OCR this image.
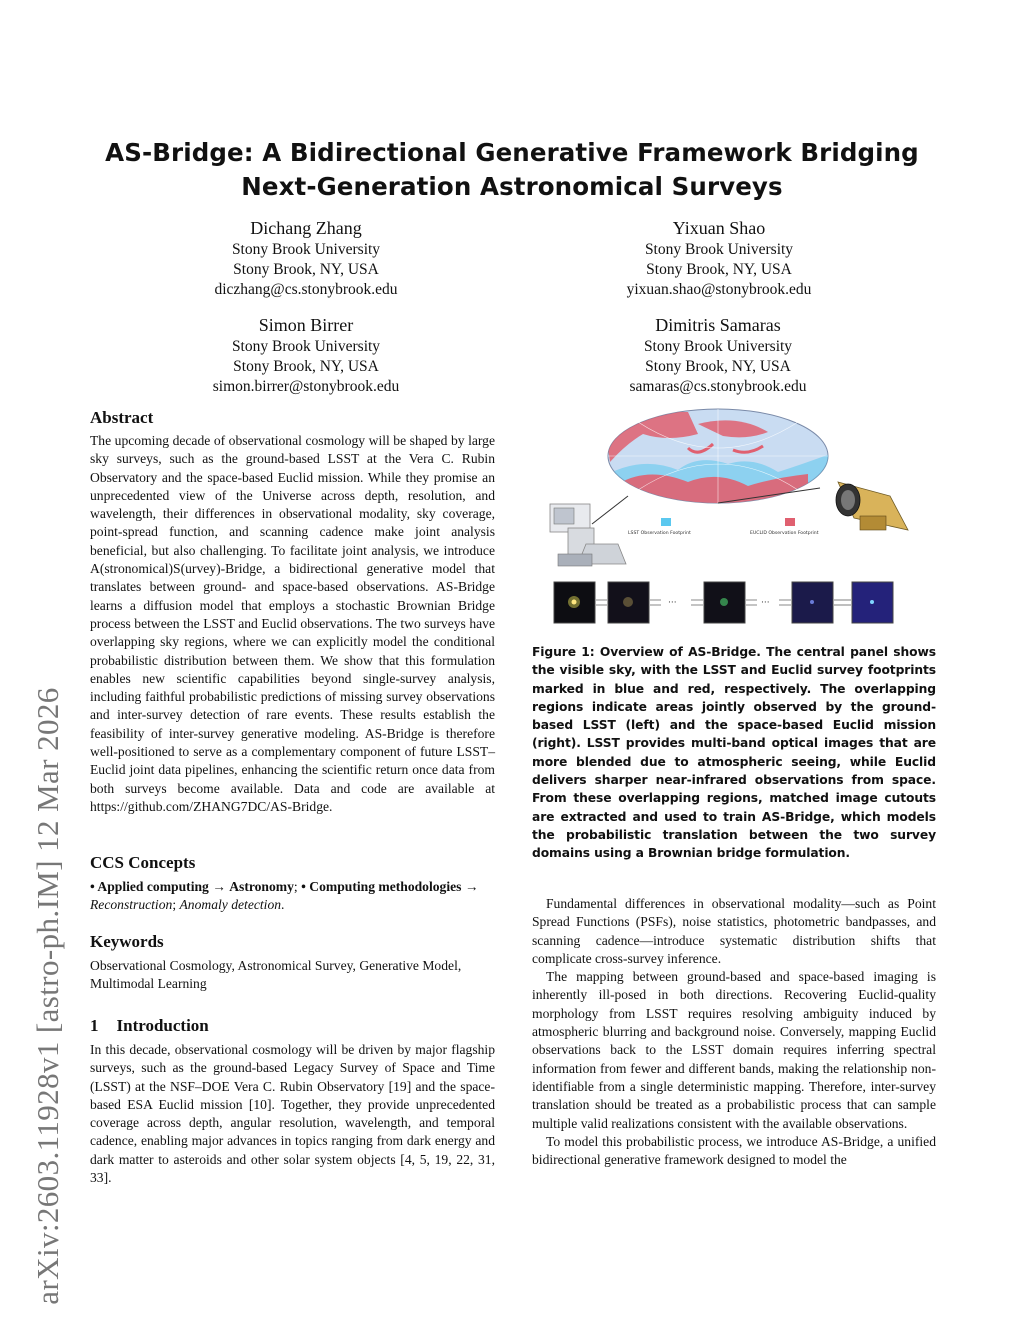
arXiv:2603.11928v1 [astro-ph.IM] 12 Mar 2026
AS-Bridge: A Bidirectional Generative Framework Bridging
Next-Generation Astronomical Surveys
Dichang Zhang
Stony Brook University
Stony Brook, NY, USA
diczhang@cs.stonybrook.edu
Yixuan Shao
Stony Brook University
Stony Brook, NY, USA
yixuan.shao@stonybrook.edu
Simon Birrer
Stony Brook University
Stony Brook, NY, USA
simon.birrer@stonybrook.edu
Dimitris Samaras
Stony Brook University
Stony Brook, NY, USA
samaras@cs.stonybrook.edu
Abstract
The upcoming decade of observational cosmology will be shaped by large sky surveys, such as the ground-based LSST at the Vera C. Rubin Observatory and the space-based Euclid mission. While they promise an unprecedented view of the Universe across depth, resolution, and wavelength, their differences in observational modality, sky coverage, point-spread function, and scanning cadence make joint analysis beneficial, but also challenging. To facilitate joint analysis, we introduce A(stronomical)S(urvey)-Bridge, a bidirectional generative model that translates between ground- and space-based observations. AS-Bridge learns a diffusion model that employs a stochastic Brownian Bridge process between the LSST and Euclid observations. The two surveys have overlapping sky regions, where we can explicitly model the conditional probabilistic distribution between them. We show that this formulation enables new scientific capabilities beyond single-survey analysis, including faithful probabilistic predictions of missing survey observations and inter-survey detection of rare events. These results establish the feasibility of inter-survey generative modeling. AS-Bridge is therefore well-positioned to serve as a complementary component of future LSST–Euclid joint data pipelines, enhancing the scientific return once data from both surveys become available. Data and code are available at https://github.com/ZHANG7DC/AS-Bridge.
CCS Concepts
• Applied computing → Astronomy; • Computing methodologies → Reconstruction; Anomaly detection.
Keywords
Observational Cosmology, Astronomical Survey, Generative Model, Multimodal Learning
1 Introduction
In this decade, observational cosmology will be driven by major flagship surveys, such as the ground-based Legacy Survey of Space and Time (LSST) at the NSF–DOE Vera C. Rubin Observatory [19] and the space-based ESA Euclid mission [10]. Together, they provide unprecedented coverage across depth, angular resolution, wavelength, and temporal cadence, enabling major advances in topics ranging from dark energy and dark matter to asteroids and other solar system objects [4, 5, 19, 22, 31, 33].
LSST Observation Footprint	EUCLID Observation Footprint
···	···
Figure 1: Overview of AS-Bridge. The central panel shows the visible sky, with the LSST and Euclid survey footprints marked in blue and red, respectively. The overlapping regions indicate areas jointly observed by the ground-based LSST (left) and the space-based Euclid mission (right). LSST provides multi-band optical images that are more blended due to atmospheric seeing, while Euclid delivers sharper near-infrared observations from space. From these overlapping regions, matched image cutouts are extracted and used to train AS-Bridge, which models the probabilistic translation between the two survey domains using a Brownian bridge formulation.

Fundamental differences in observational modality—such as Point Spread Functions (PSFs), noise statistics, photometric bandpasses, and scanning cadence—introduce systematic distribution shifts that complicate cross-survey inference.

The mapping between ground-based and space-based imaging is inherently ill-posed in both directions. Recovering Euclid-quality morphology from LSST requires resolving ambiguity induced by atmospheric blurring and background noise. Conversely, mapping Euclid observations back to the LSST domain requires inferring spectral information from fewer and different bands, making the relationship non-identifiable from a single deterministic mapping. Therefore, inter-survey translation should be treated as a probabilistic process that can sample multiple valid realizations consistent with the available observations.

To model this probabilistic process, we introduce AS-Bridge, a unified bidirectional generative framework designed to model the
